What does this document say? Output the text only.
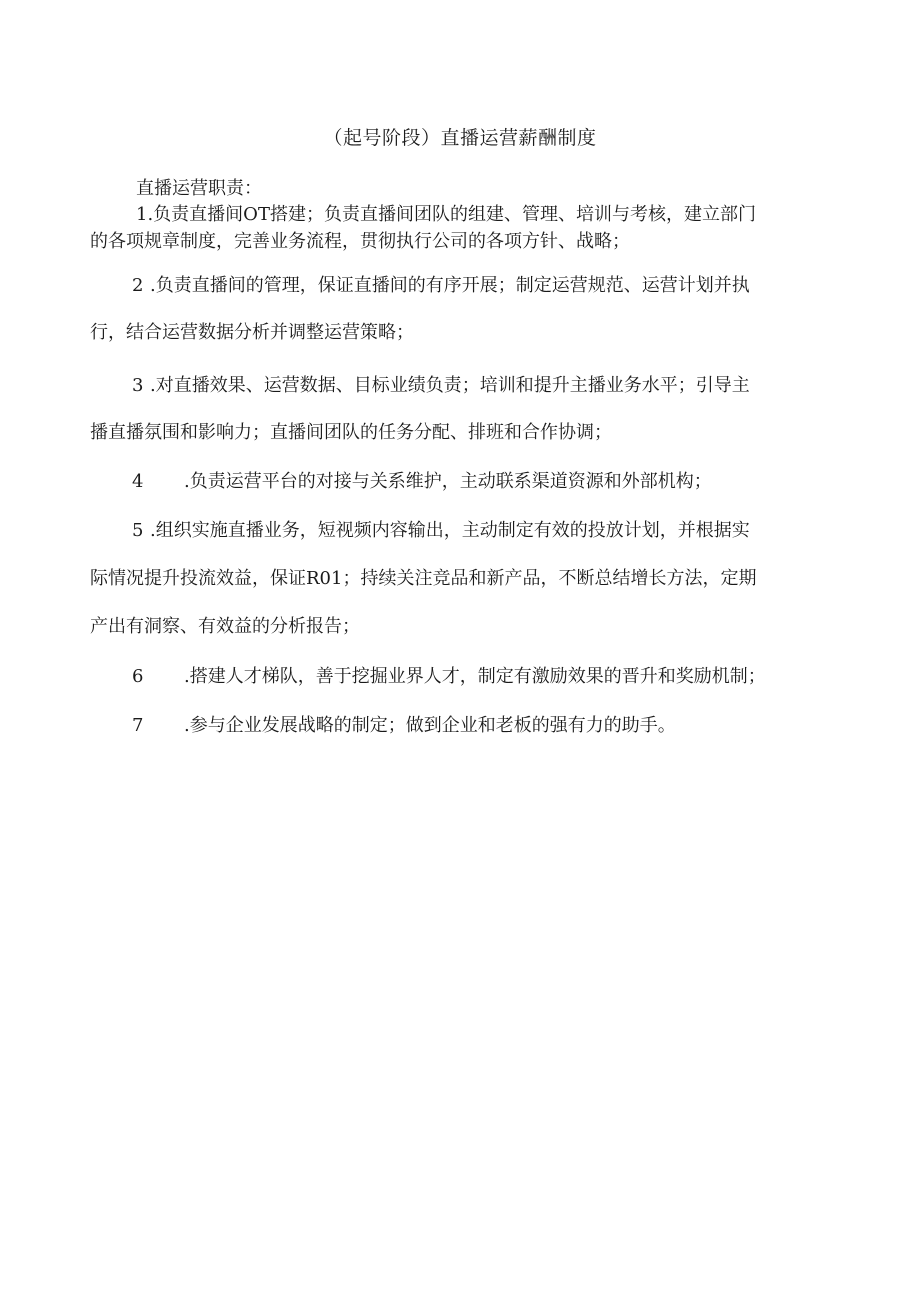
（起号阶段）直播运营薪酬制度
直播运营职责：
1.负责直播间OT搭建；负责直播间团队的组建、管理、培训与考核，建立部门
的各项规章制度，完善业务流程，贯彻执行公司的各项方针、战略；
2 .负责直播间的管理，保证直播间的有序开展；制定运营规范、运营计划并执
行，结合运营数据分析并调整运营策略；
3 .对直播效果、运营数据、目标业绩负责；培训和提升主播业务水平；引导主
播直播氛围和影响力；直播间团队的任务分配、排班和合作协调；
4 .负责运营平台的对接与关系维护，主动联系渠道资源和外部机构；
5 .组织实施直播业务，短视频内容输出，主动制定有效的投放计划，并根据实
际情况提升投流效益，保证R01；持续关注竞品和新产品，不断总结增长方法，定期
产出有洞察、有效益的分析报告；
6 .搭建人才梯队，善于挖掘业界人才，制定有激励效果的晋升和奖励机制；
7 .参与企业发展战略的制定；做到企业和老板的强有力的助手。
